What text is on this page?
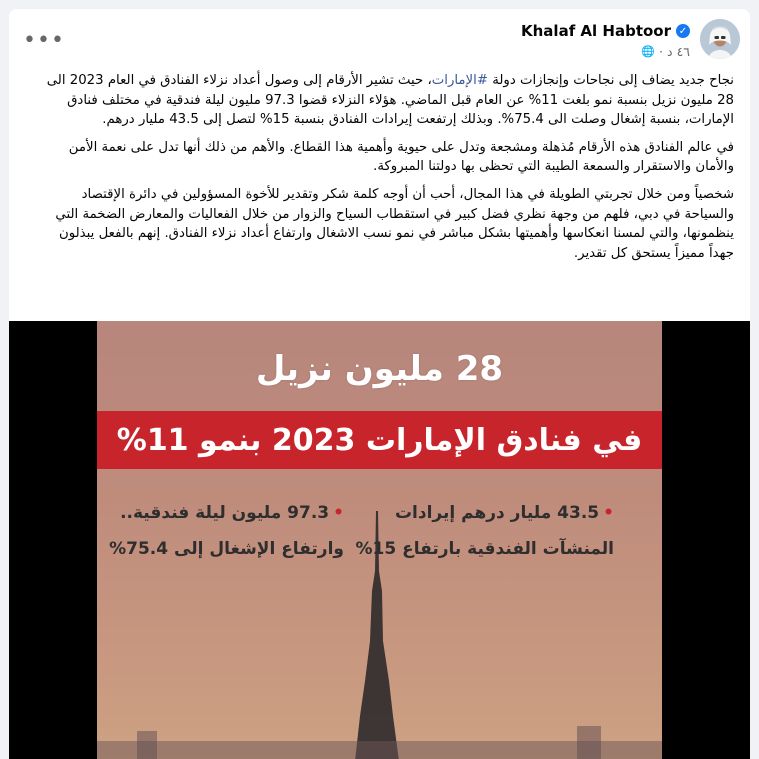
•••	Khalaf Al Habtoor ✓
٤٦ د
·
🌐

نجاح جديد يضاف إلى نجاحات وإنجازات دولة #الإمارات، حيث تشير الأرقام إلى وصول أعداد نزلاء الفنادق في العام 2023 الى 28 مليون نزيل بنسبة نمو بلغت 11% عن العام قبل الماضي. هؤلاء النزلاء قضوا 97.3 مليون ليلة فندقية في مختلف فنادق الإمارات، بنسبة إشغال وصلت الى 75.4%. وبذلك إرتفعت إيرادات الفنادق بنسبة 15% لتصل إلى 43.5 مليار درهم.

في عالم الفنادق هذه الأرقام مُذهلة ومشجعة وتدل على حيوية وأهمية هذا القطاع. والأهم من ذلك أنها تدل على نعمة الأمن والأمان والاستقرار والسمعة الطيبة التي تحظى بها دولتنا المبروكة.

شخصياً ومن خلال تجربتي الطويلة في هذا المجال، أحب أن أوجه كلمة شكر وتقدير للأخوة المسؤولين في دائرة الإقتصاد والسياحة في دبي، فلهم من وجهة نظري فضل كبير في استقطاب السياح والزوار من خلال الفعاليات والمعارض الضخمة التي ينظمونها، والتي لمسنا انعكاسها وأهميتها بشكل مباشر في نمو نسب الاشغال وارتفاع أعداد نزلاء الفنادق. إنهم بالفعل يبذلون جهداً مميزاً يستحق كل تقدير.

28 مليون نزيل
في فنادق الإمارات 2023 بنمو 11%
•43.5 مليار درهم إيرادات
المنشآت الفندقية بارتفاع 15%
•97.3 مليون ليلة فندقية..
وارتفاع الإشغال إلى 75.4%
